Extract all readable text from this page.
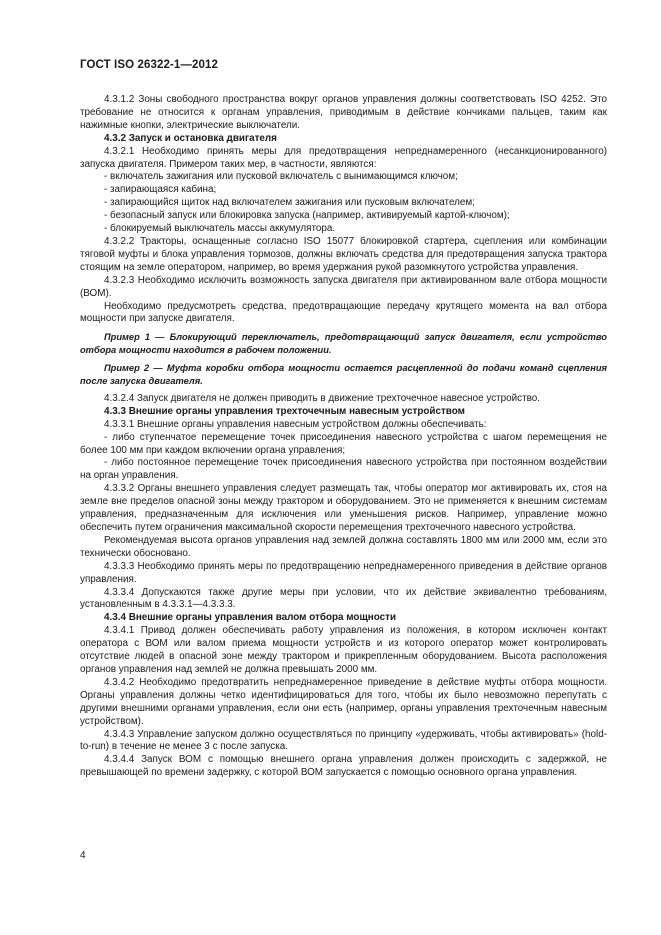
ГОСТ ISO 26322-1—2012

4.3.1.2 Зоны свободного пространства вокруг органов управления должны соответствовать ISO 4252. Это требование не относится к органам управления, приводимым в действие кончиками пальцев, таким как нажимные кнопки, электрические выключатели.

4.3.2 Запуск и остановка двигателя

4.3.2.1 Необходимо принять меры для предотвращения непреднамеренного (несанкционированного) запуска двигателя. Примером таких мер, в частности, являются:

- включатель зажигания или пусковой включатель с вынимающимся ключом;

- запирающаяся кабина;

- запирающийся щиток над включателем зажигания или пусковым включателем;

- безопасный запуск или блокировка запуска (например, активируемый картой-ключом);

- блокируемый выключатель массы аккумулятора.

4.3.2.2 Тракторы, оснащенные согласно ISO 15077 блокировкой стартера, сцепления или комбинации тяговой муфты и блока управления тормозов, должны включать средства для предотвращения запуска трактора стоящим на земле оператором, например, во время удержания рукой разомкнутого устройства управления.

4.3.2.3 Необходимо исключить возможность запуска двигателя при активированном вале отбора мощности (ВОМ).

Необходимо предусмотреть средства, предотвращающие передачу крутящего момента на вал отбора мощности при запуске двигателя.

Пример 1 — Блокирующий переключатель, предотвращающий запуск двигателя, если устройство отбора мощности находится в рабочем положении.

Пример 2 — Муфта коробки отбора мощности остается расцепленной до подачи команд сцепления после запуска двигателя.

4.3.2.4 Запуск двигателя не должен приводить в движение трехточечное навесное устройство.

4.3.3 Внешние органы управления трехточечным навесным устройством

4.3.3.1 Внешние органы управления навесным устройством должны обеспечивать:

- либо ступенчатое перемещение точек присоединения навесного устройства с шагом перемещения не более 100 мм при каждом включении органа управления;

- либо постоянное перемещение точек присоединения навесного устройства при постоянном воздействии на орган управления.

4.3.3.2 Органы внешнего управления следует размещать так, чтобы оператор мог активировать их, стоя на земле вне пределов опасной зоны между трактором и оборудованием. Это не применяется к внешним системам управления, предназначенным для исключения или уменьшения рисков. Например, управление можно обеспечить путем ограничения максимальной скорости перемещения трехточечного навесного устройства.

Рекомендуемая высота органов управления над землей должна составлять 1800 мм или 2000 мм, если это технически обосновано.

4.3.3.3 Необходимо принять меры по предотвращению непреднамеренного приведения в действие органов управления.

4.3.3.4 Допускаются также другие меры при условии, что их действие эквивалентно требованиям, установленным в 4.3.3.1—4.3.3.3.

4.3.4 Внешние органы управления валом отбора мощности

4.3.4.1 Привод должен обеспечивать работу управления из положения, в котором исключен контакт оператора с ВОМ или валом приема мощности устройств и из которого оператор может контролировать отсутствие людей в опасной зоне между трактором и прикрепленным оборудованием. Высота расположения органов управления над землей не должна превышать 2000 мм.

4.3.4.2 Необходимо предотвратить непреднамеренное приведение в действие муфты отбора мощности. Органы управления должны четко идентифицироваться для того, чтобы их было невозможно перепутать с другими внешними органами управления, если они есть (например, органы управления трехточечным навесным устройством).

4.3.4.3 Управление запуском должно осуществляться по принципу «удерживать, чтобы активировать» (hold-to-run) в течение не менее 3 с после запуска.

4.3.4.4 Запуск ВОМ с помощью внешнего органа управления должен происходить с задержкой, не превышающей по времени задержку, с которой ВОМ запускается с помощью основного органа управления.

4
